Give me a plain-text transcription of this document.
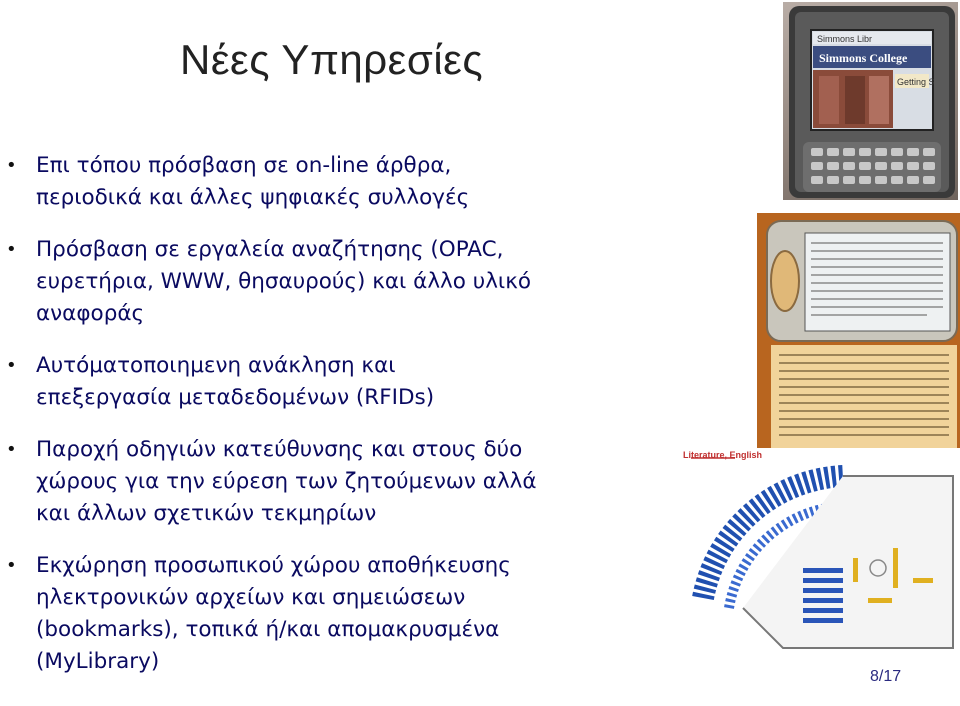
Νέες Υπηρεσίες
• Επι τόπου πρόσβαση σε on-line άρθρα,
περιοδικά και άλλες ψηφιακές συλλογές
• Πρόσβαση σε εργαλεία αναζήτησης (OPAC,
ευρετήρια, WWW, θησαυρούς) και άλλο υλικό
αναφοράς
• Αυτόματοποιημενη ανάκληση και
επεξεργασία μεταδεδομένων (RFIDs)
• Παροχή οδηγιών κατεύθυνσης και στους δύο
χώρους για την εύρεση των ζητούμενων αλλά
και άλλων σχετικών τεκμηρίων
• Εκχώρηση προσωπικού χώρου αποθήκευσης
ηλεκτρονικών αρχείων και σημειώσεων
(bookmarks), τοπικά ή/και απομακρυσμένα
(MyLibrary)
Simmons Libr
Simmons College
Getting S
Literature, English
8/17
